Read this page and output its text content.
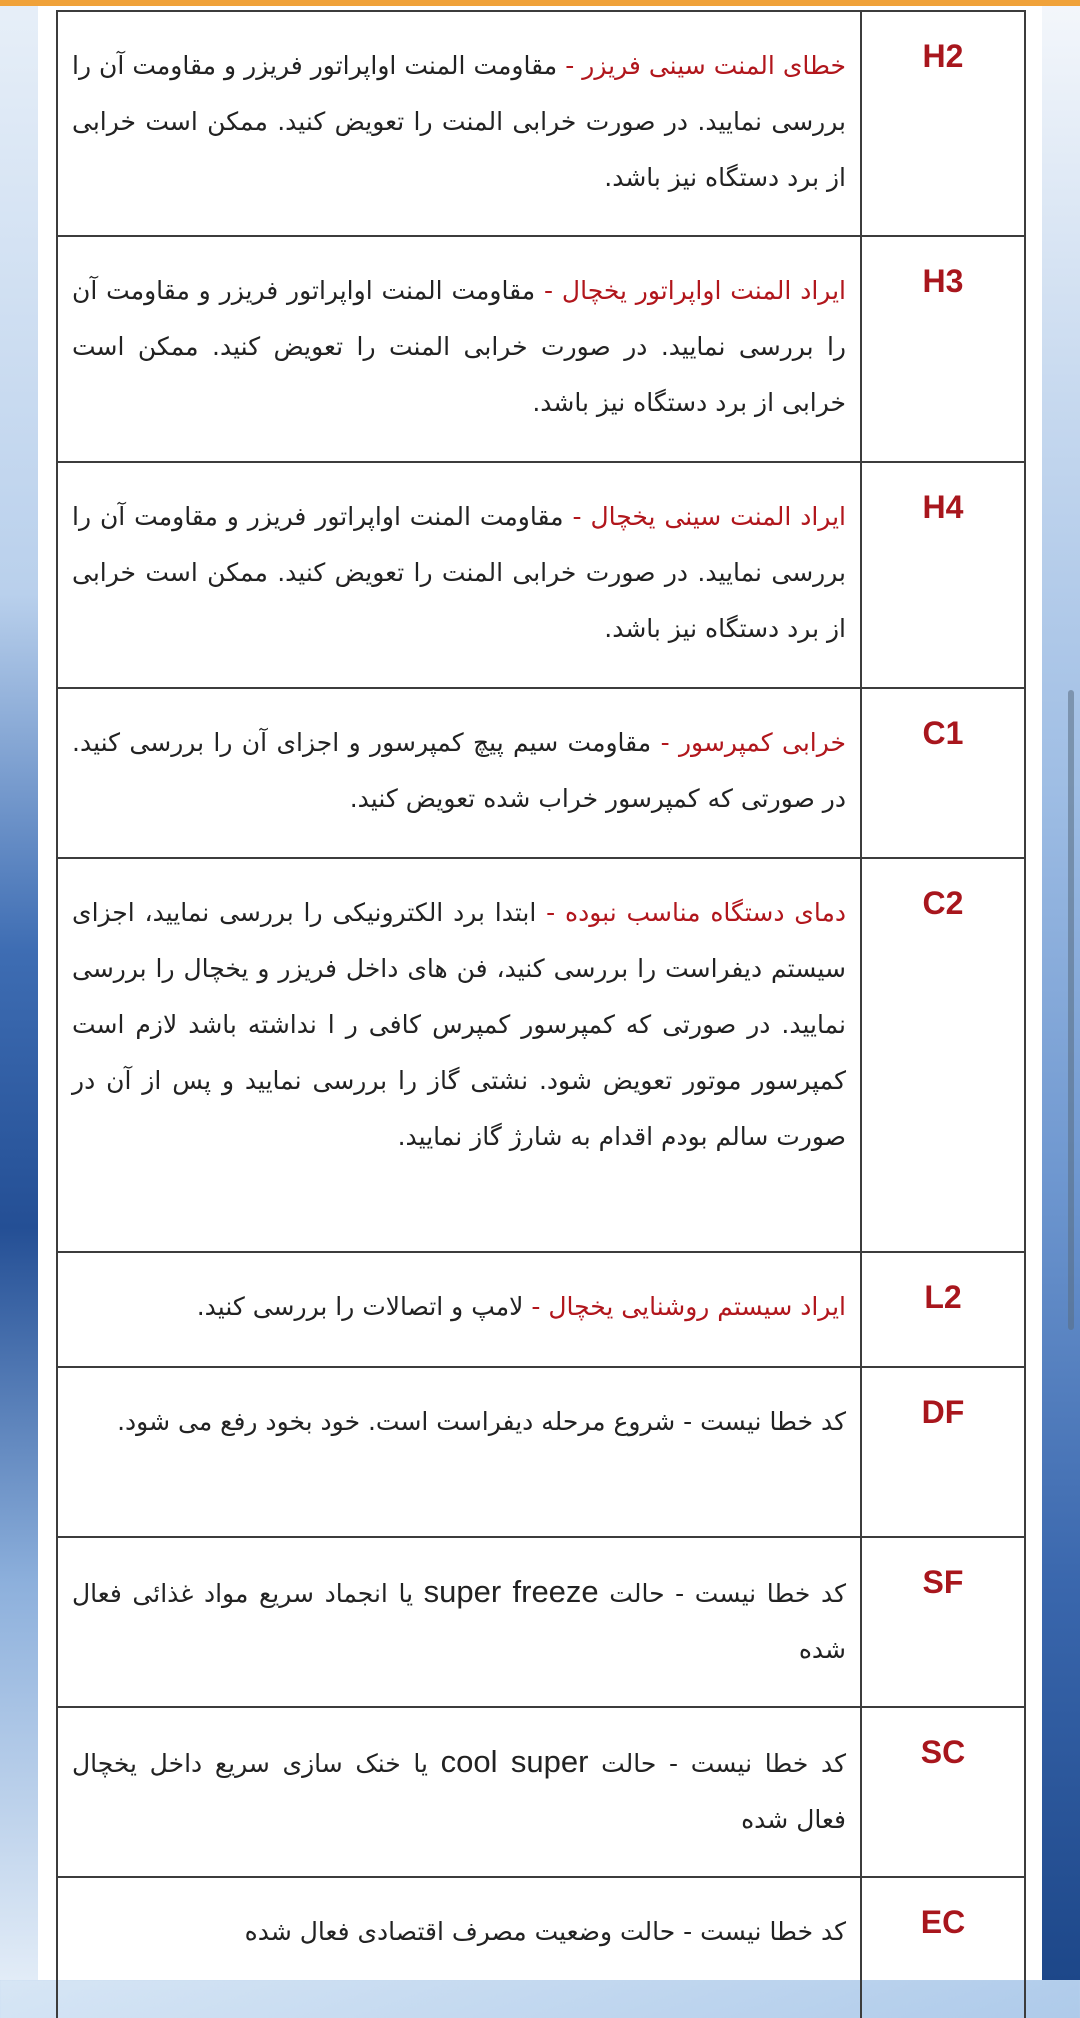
H2
خطای المنت سینی فریزر - مقاومت المنت اواپراتور فریزر و مقاومت آن را بررسی نمایید. در صورت خرابی المنت را تعویض کنید. ممکن است خرابی از برد دستگاه نیز باشد.
H3
ایراد المنت اواپراتور یخچال - مقاومت المنت اواپراتور فریزر و مقاومت آن را بررسی نمایید. در صورت خرابی المنت را تعویض کنید. ممکن است خرابی از برد دستگاه نیز باشد.
H4
ایراد المنت سینی یخچال - مقاومت المنت اواپراتور فریزر و مقاومت آن را بررسی نمایید. در صورت خرابی المنت را تعویض کنید. ممکن است خرابی از برد دستگاه نیز باشد.
C1
خرابی کمپرسور - مقاومت سیم پیچ کمپرسور و اجزای آن را بررسی کنید. در صورتی که کمپرسور خراب شده تعویض کنید.
C2
دمای دستگاه مناسب نبوده - ابتدا برد الکترونیکی را بررسی نمایید، اجزای سیستم دیفراست را بررسی کنید، فن های داخل فریزر و یخچال را بررسی نمایید. در صورتی که کمپرسور کمپرس کافی ر ا نداشته باشد لازم است کمپرسور موتور تعویض شود. نشتی گاز را بررسی نمایید و پس از آن در صورت سالم بودم اقدام به شارژ گاز نمایید.
L2
ایراد سیستم روشنایی یخچال - لامپ و اتصالات را بررسی کنید.
DF
کد خطا نیست - شروع مرحله دیفراست است. خود بخود رفع می شود.
SF
کد خطا نیست - حالت super freeze یا انجماد سریع مواد غذائی فعال شده
SC
کد خطا نیست - حالت cool super یا خنک سازی سریع داخل یخچال فعال شده
EC
کد خطا نیست - حالت وضعیت مصرف اقتصادی فعال شده
